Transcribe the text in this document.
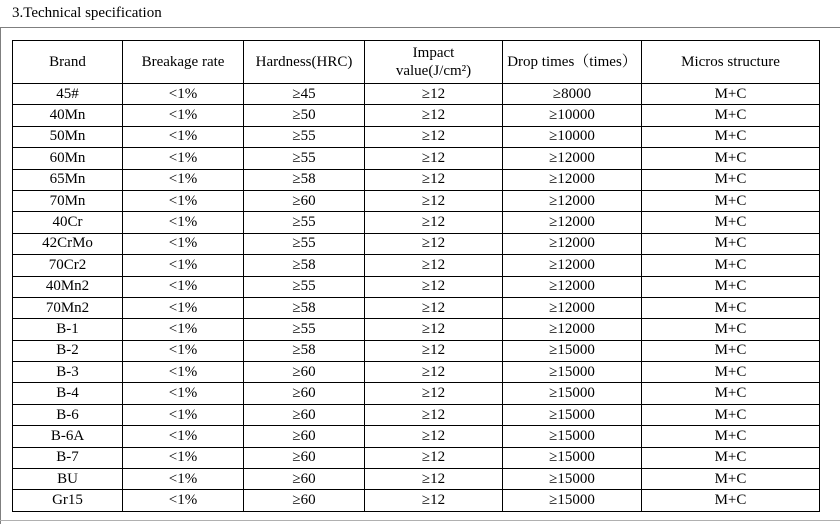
3.Technical specification
Brand	Breakage rate	Hardness(HRC)	Impact
value(J/cm²)	Drop times（times）	Micros structure
45#	<1%	≥45	≥12	≥8000	M+C
40Mn	<1%	≥50	≥12	≥10000	M+C
50Mn	<1%	≥55	≥12	≥10000	M+C
60Mn	<1%	≥55	≥12	≥12000	M+C
65Mn	<1%	≥58	≥12	≥12000	M+C
70Mn	<1%	≥60	≥12	≥12000	M+C
40Cr	<1%	≥55	≥12	≥12000	M+C
42CrMo	<1%	≥55	≥12	≥12000	M+C
70Cr2	<1%	≥58	≥12	≥12000	M+C
40Mn2	<1%	≥55	≥12	≥12000	M+C
70Mn2	<1%	≥58	≥12	≥12000	M+C
B-1	<1%	≥55	≥12	≥12000	M+C
B-2	<1%	≥58	≥12	≥15000	M+C
B-3	<1%	≥60	≥12	≥15000	M+C
B-4	<1%	≥60	≥12	≥15000	M+C
B-6	<1%	≥60	≥12	≥15000	M+C
B-6A	<1%	≥60	≥12	≥15000	M+C
B-7	<1%	≥60	≥12	≥15000	M+C
BU	<1%	≥60	≥12	≥15000	M+C
Gr15	<1%	≥60	≥12	≥15000	M+C
